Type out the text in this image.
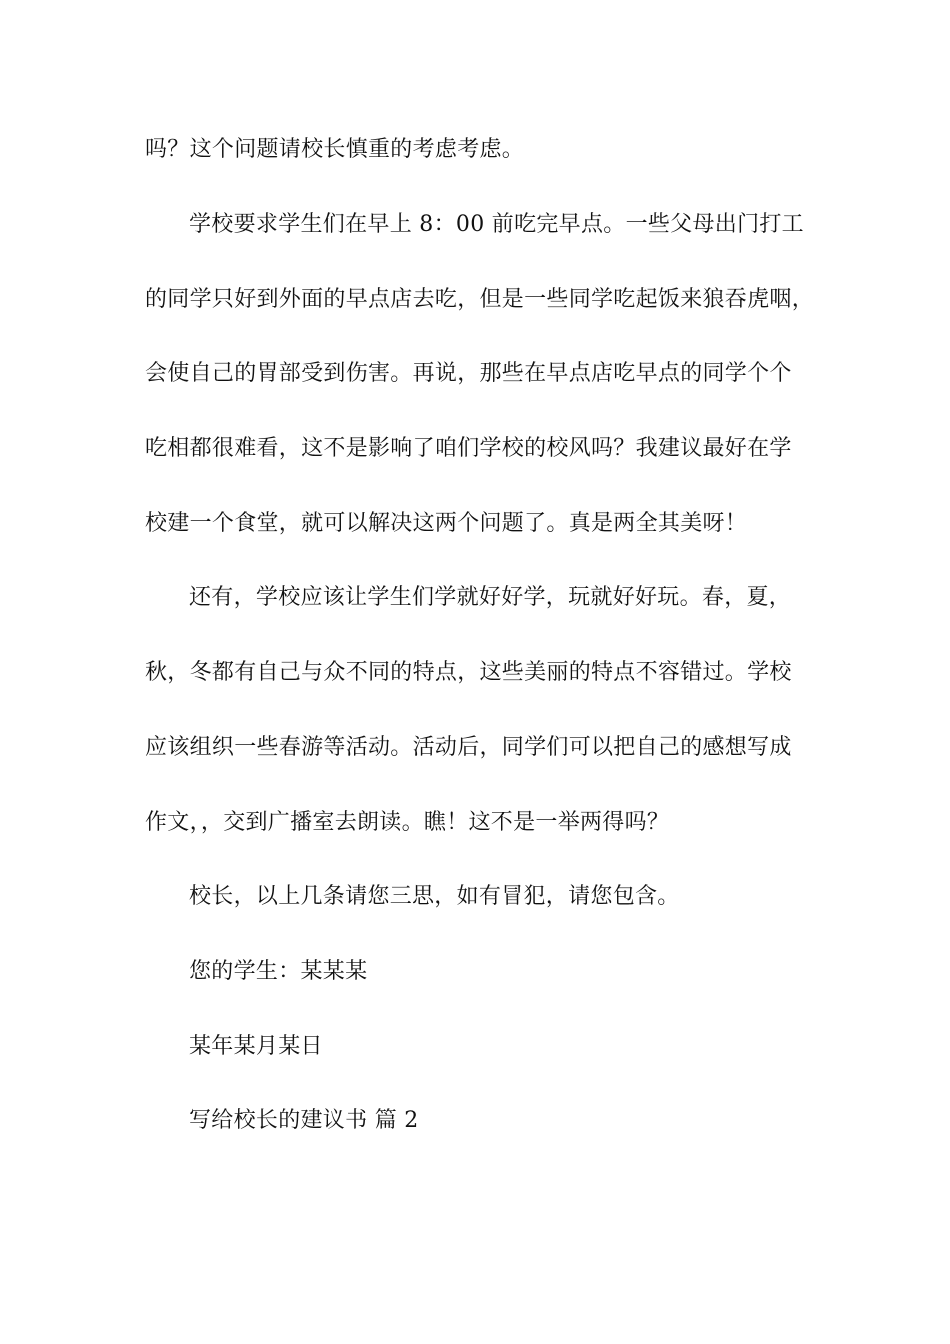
吗？这个问题请校长慎重的考虑考虑。
学校要求学生们在早上 8：00 前吃完早点。一些父母出门打工
的同学只好到外面的早点店去吃，但是一些同学吃起饭来狼吞虎咽，
会使自己的胃部受到伤害。再说，那些在早点店吃早点的同学个个
吃相都很难看，这不是影响了咱们学校的校风吗？我建议最好在学
校建一个食堂，就可以解决这两个问题了。真是两全其美呀！
还有，学校应该让学生们学就好好学，玩就好好玩。春，夏，
秋，冬都有自己与众不同的特点，这些美丽的特点不容错过。学校
应该组织一些春游等活动。活动后，同学们可以把自己的感想写成
作文，，交到广播室去朗读。瞧！这不是一举两得吗？
校长，以上几条请您三思，如有冒犯，请您包含。
您的学生：某某某
某年某月某日
写给校长的建议书 篇 2
